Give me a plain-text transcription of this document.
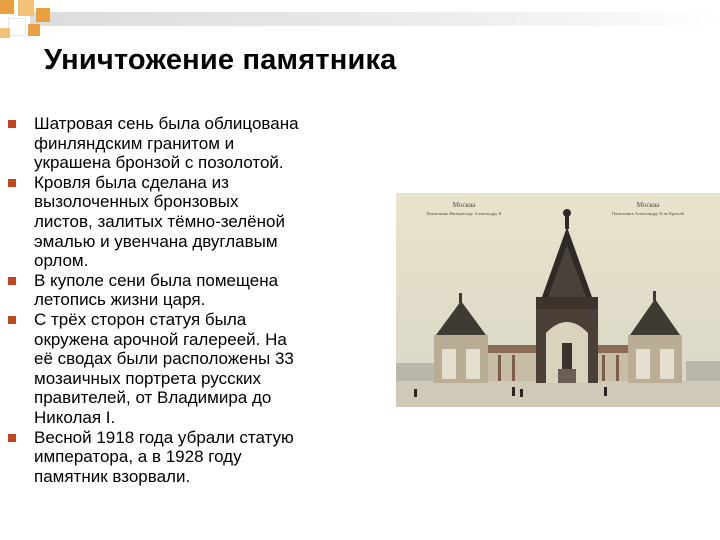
Уничтожение памятника
Шатровая сень была облицована
финляндским гранитом и
украшена бронзой с позолотой.
Кровля была сделана из
вызолоченных бронзовых
листов, залитых тёмно-зелёной
эмалью и увенчана двуглавым
орлом.
В куполе сени была помещена
летопись жизни царя.
С трёх сторон статуя была
окружена арочной галереей. На
её сводах были расположены 33
мозаичных портрета русских
правителей, от Владимира до
Николая I.
Весной 1918 года убрали статую
императора, а в 1928 году
памятник взорвали.
Москва
Памятникъ Императору Александру II
Москва
Памятникъ Александру II въ Кремлѣ
